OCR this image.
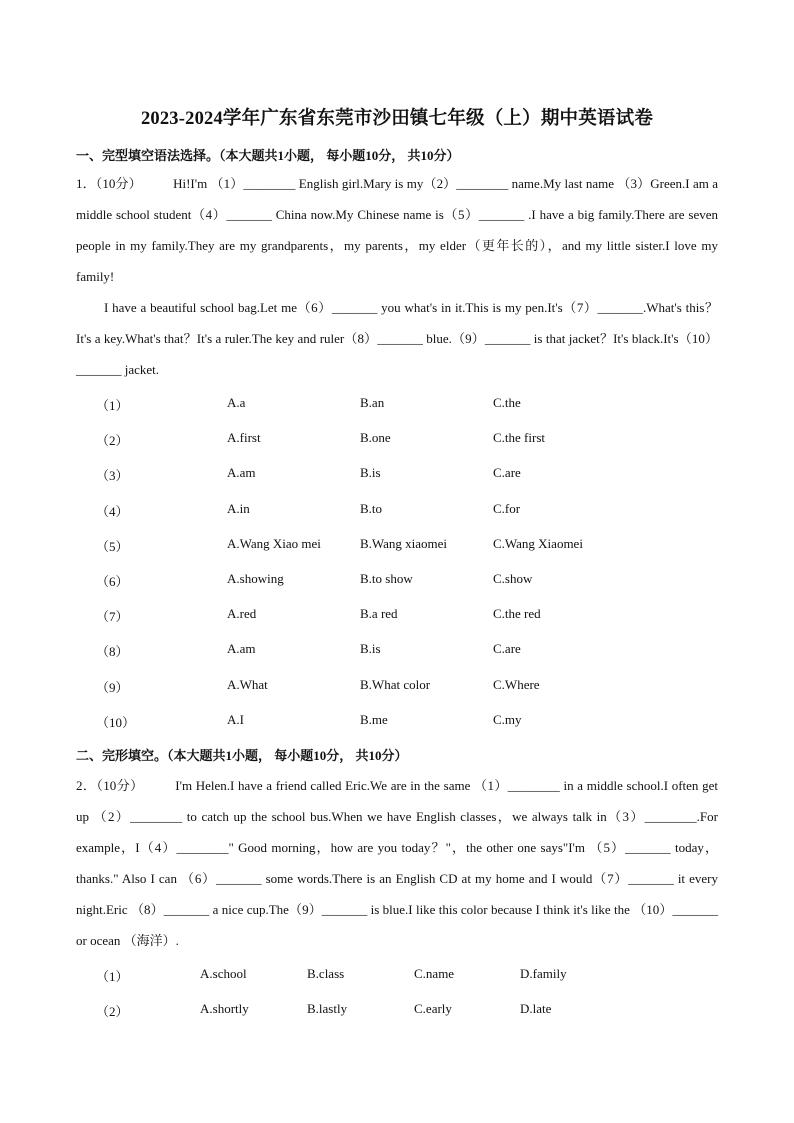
2023-2024学年广东省东莞市沙田镇七年级（上）期中英语试卷
一、完型填空语法选择。（本大题共1小题， 每小题10分， 共10分）

1．（10分） Hi!I'm （1）________ English girl.Mary is my（2）________ name.My last name （3）Green.I am a middle school student（4）_______ China now.My Chinese name is（5）_______ .I have a big family.There are seven people in my family.They are my grandparents，my parents，my elder（更年长的），and my little sister.I love my family!

I have a beautiful school bag.Let me（6）_______ you what's in it.This is my pen.It's（7）_______.What's this？It's a key.What's that？It's a ruler.The key and ruler（8）_______ blue.（9）_______ is that jacket？It's black.It's（10）_______ jacket.

（1）	A.a	B.an	C.the
（2）	A.first	B.one	C.the first
（3）	A.am	B.is	C.are
（4）	A.in	B.to	C.for
（5）	A.Wang Xiao mei	B.Wang xiaomei	C.Wang Xiaomei
（6）	A.showing	B.to show	C.show
（7）	A.red	B.a red	C.the red
（8）	A.am	B.is	C.are
（9）	A.What	B.What color	C.Where
（10）	A.I	B.me	C.my
二、完形填空。（本大题共1小题， 每小题10分， 共10分）

2．（10分） I'm Helen.I have a friend called Eric.We are in the same （1）________ in a middle school.I often get up （2）________ to catch up the school bus.When we have English classes，we always talk in（3）________.For example，I（4）________" Good morning，how are you today？"，the other one says"I'm （5）_______ today，thanks." Also I can （6）_______ some words.There is an English CD at my home and I would（7）_______ it every night.Eric （8）_______ a nice cup.The（9）_______ is blue.I like this color because I think it's like the （10）_______ or ocean （海洋）.

（1）	A.school	B.class	C.name	D.family
（2）	A.shortly	B.lastly	C.early	D.late
